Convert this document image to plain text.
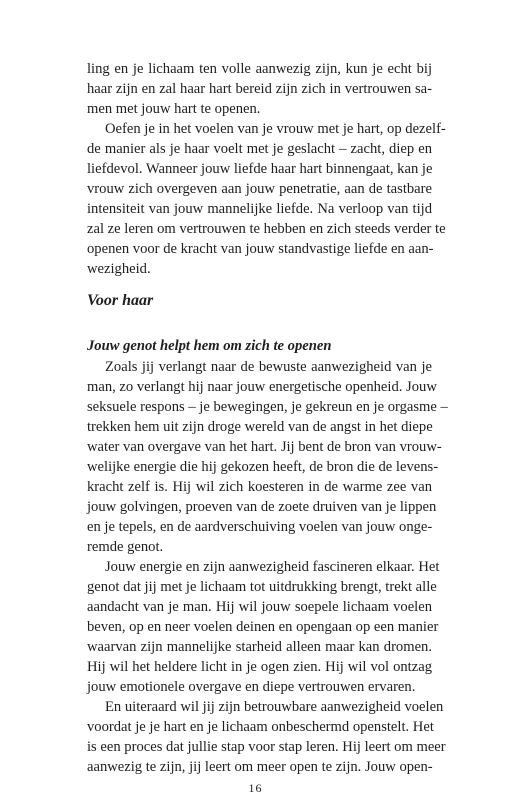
ling en je lichaam ten volle aanwezig zijn, kun je echt bij
haar zijn en zal haar hart bereid zijn zich in vertrouwen sa-
men met jouw hart te openen.
Oefen je in het voelen van je vrouw met je hart, op dezelf-
de manier als je haar voelt met je geslacht – zacht, diep en
liefdevol. Wanneer jouw liefde haar hart binnengaat, kan je
vrouw zich overgeven aan jouw penetratie, aan de tastbare
intensiteit van jouw mannelijke liefde. Na verloop van tijd
zal ze leren om vertrouwen te hebben en zich steeds verder te
openen voor de kracht van jouw standvastige liefde en aan-
wezigheid.
Voor haar
Jouw genot helpt hem om zich te openen
Zoals jij verlangt naar de bewuste aanwezigheid van je
man, zo verlangt hij naar jouw energetische openheid. Jouw
seksuele respons – je bewegingen, je gekreun en je orgasme –
trekken hem uit zijn droge wereld van de angst in het diepe
water van overgave van het hart. Jij bent de bron van vrouw-
welijke energie die hij gekozen heeft, de bron die de levens-
kracht zelf is. Hij wil zich koesteren in de warme zee van
jouw golvingen, proeven van de zoete druiven van je lippen
en je tepels, en de aardverschuiving voelen van jouw onge-
remde genot.
Jouw energie en zijn aanwezigheid fascineren elkaar. Het
genot dat jij met je lichaam tot uitdrukking brengt, trekt alle
aandacht van je man. Hij wil jouw soepele lichaam voelen
beven, op en neer voelen deinen en opengaan op een manier
waarvan zijn mannelijke starheid alleen maar kan dromen.
Hij wil het heldere licht in je ogen zien. Hij wil vol ontzag
jouw emotionele overgave en diepe vertrouwen ervaren.
En uiteraard wil jij zijn betrouwbare aanwezigheid voelen
voordat je je hart en je lichaam onbeschermd openstelt. Het
is een proces dat jullie stap voor stap leren. Hij leert om meer
aanwezig te zijn, jij leert om meer open te zijn. Jouw open-
16
